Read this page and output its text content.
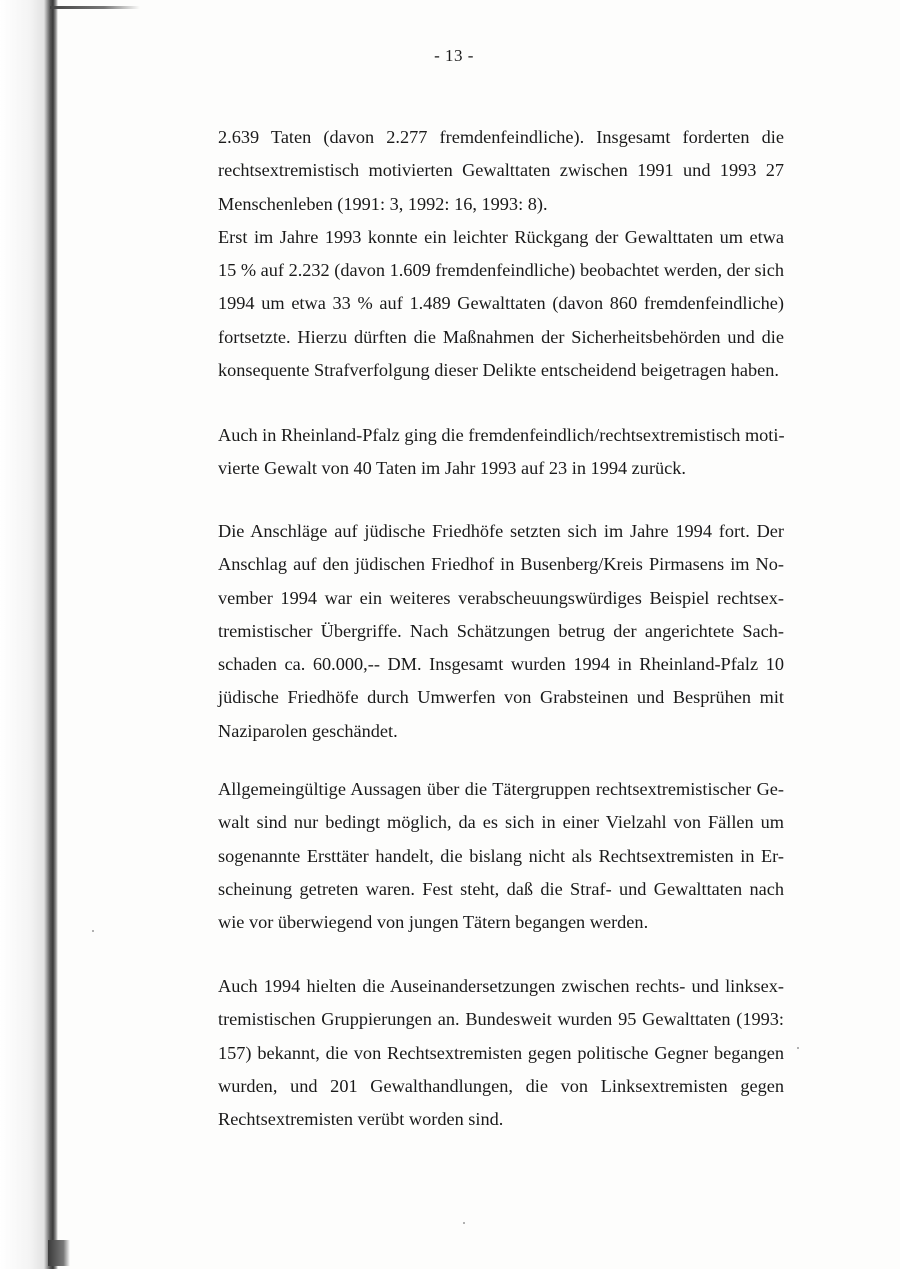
- 13 -
2.639 Taten (davon 2.277 fremdenfeindliche). Insgesamt forderten die
rechtsextremistisch motivierten Gewalttaten zwischen 1991 und 1993 27
Menschenleben (1991: 3, 1992: 16, 1993: 8).
Erst im Jahre 1993 konnte ein leichter Rückgang der Gewalttaten um etwa
15 % auf 2.232 (davon 1.609 fremdenfeindliche) beobachtet werden, der sich
1994 um etwa 33 % auf 1.489 Gewalttaten (davon 860 fremdenfeindliche)
fortsetzte. Hierzu dürften die Maßnahmen der Sicherheitsbehörden und die
konsequente Strafverfolgung dieser Delikte entscheidend beigetragen haben.
Auch in Rheinland-Pfalz ging die fremdenfeindlich/rechtsextremistisch moti-
vierte Gewalt von 40 Taten im Jahr 1993 auf 23 in 1994 zurück.
Die Anschläge auf jüdische Friedhöfe setzten sich im Jahre 1994 fort. Der
Anschlag auf den jüdischen Friedhof in Busenberg/Kreis Pirmasens im No-
vember 1994 war ein weiteres verabscheuungswürdiges Beispiel rechtsex-
tremistischer Übergriffe. Nach Schätzungen betrug der angerichtete Sach-
schaden ca. 60.000,-- DM. Insgesamt wurden 1994 in Rheinland-Pfalz 10
jüdische Friedhöfe durch Umwerfen von Grabsteinen und Besprühen mit
Naziparolen geschändet.
Allgemeingültige Aussagen über die Tätergruppen rechtsextremistischer Ge-
walt sind nur bedingt möglich, da es sich in einer Vielzahl von Fällen um
sogenannte Ersttäter handelt, die bislang nicht als Rechtsextremisten in Er-
scheinung getreten waren. Fest steht, daß die Straf- und Gewalttaten nach
wie vor überwiegend von jungen Tätern begangen werden.
Auch 1994 hielten die Auseinandersetzungen zwischen rechts- und linksex-
tremistischen Gruppierungen an. Bundesweit wurden 95 Gewalttaten (1993:
157) bekannt, die von Rechtsextremisten gegen politische Gegner begangen
wurden, und 201 Gewalthandlungen, die von Linksextremisten gegen
Rechtsextremisten verübt worden sind.
